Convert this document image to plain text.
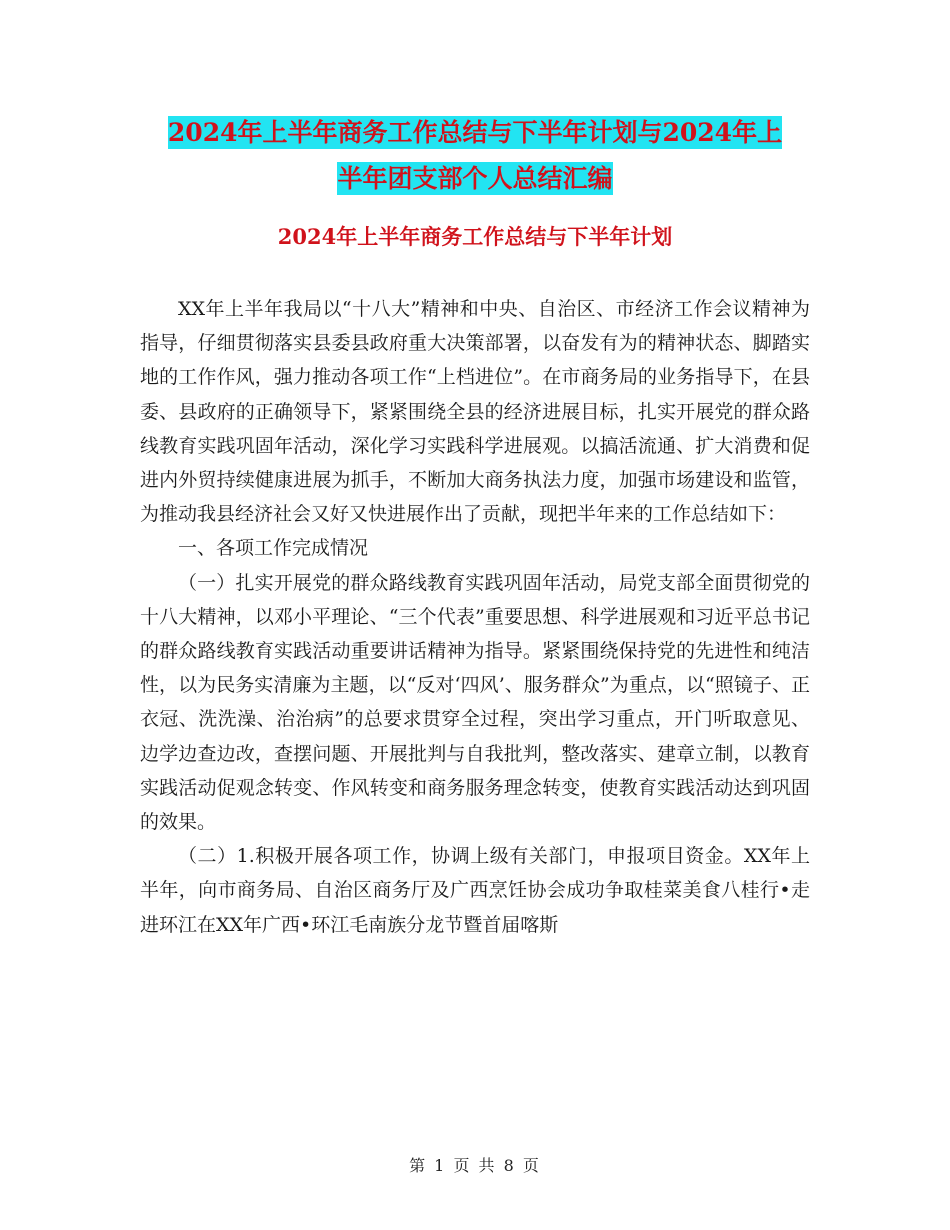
2024年上半年商务工作总结与下半年计划与2024年上
半年团支部个人总结汇编
2024年上半年商务工作总结与下半年计划

XX年上半年我局以“十八大”精神和中央、自治区、市经济工作会议精神为指导，仔细贯彻落实县委县政府重大决策部署，以奋发有为的精神状态、脚踏实地的工作作风，强力推动各项工作“上档进位”。在市商务局的业务指导下，在县委、县政府的正确领导下，紧紧围绕全县的经济进展目标，扎实开展党的群众路线教育实践巩固年活动，深化学习实践科学进展观。以搞活流通、扩大消费和促进内外贸持续健康进展为抓手，不断加大商务执法力度，加强市场建设和监管，为推动我县经济社会又好又快进展作出了贡献，现把半年来的工作总结如下：

一、各项工作完成情况

（一）扎实开展党的群众路线教育实践巩固年活动，局党支部全面贯彻党的十八大精神，以邓小平理论、“三个代表”重要思想、科学进展观和习近平总书记的群众路线教育实践活动重要讲话精神为指导。紧紧围绕保持党的先进性和纯洁性，以为民务实清廉为主题，以“反对‘四风’、服务群众”为重点，以“照镜子、正衣冠、洗洗澡、治治病”的总要求贯穿全过程，突出学习重点，开门听取意见、边学边查边改，查摆问题、开展批判与自我批判，整改落实、建章立制，以教育实践活动促观念转变、作风转变和商务服务理念转变，使教育实践活动达到巩固的效果。

（二）1.积极开展各项工作，协调上级有关部门，申报项目资金。XX年上半年，向市商务局、自治区商务厅及广西烹饪协会成功争取桂菜美食八桂行•走进环江在XX年广西•环江毛南族分龙节暨首届喀斯

第 1 页 共 8 页
